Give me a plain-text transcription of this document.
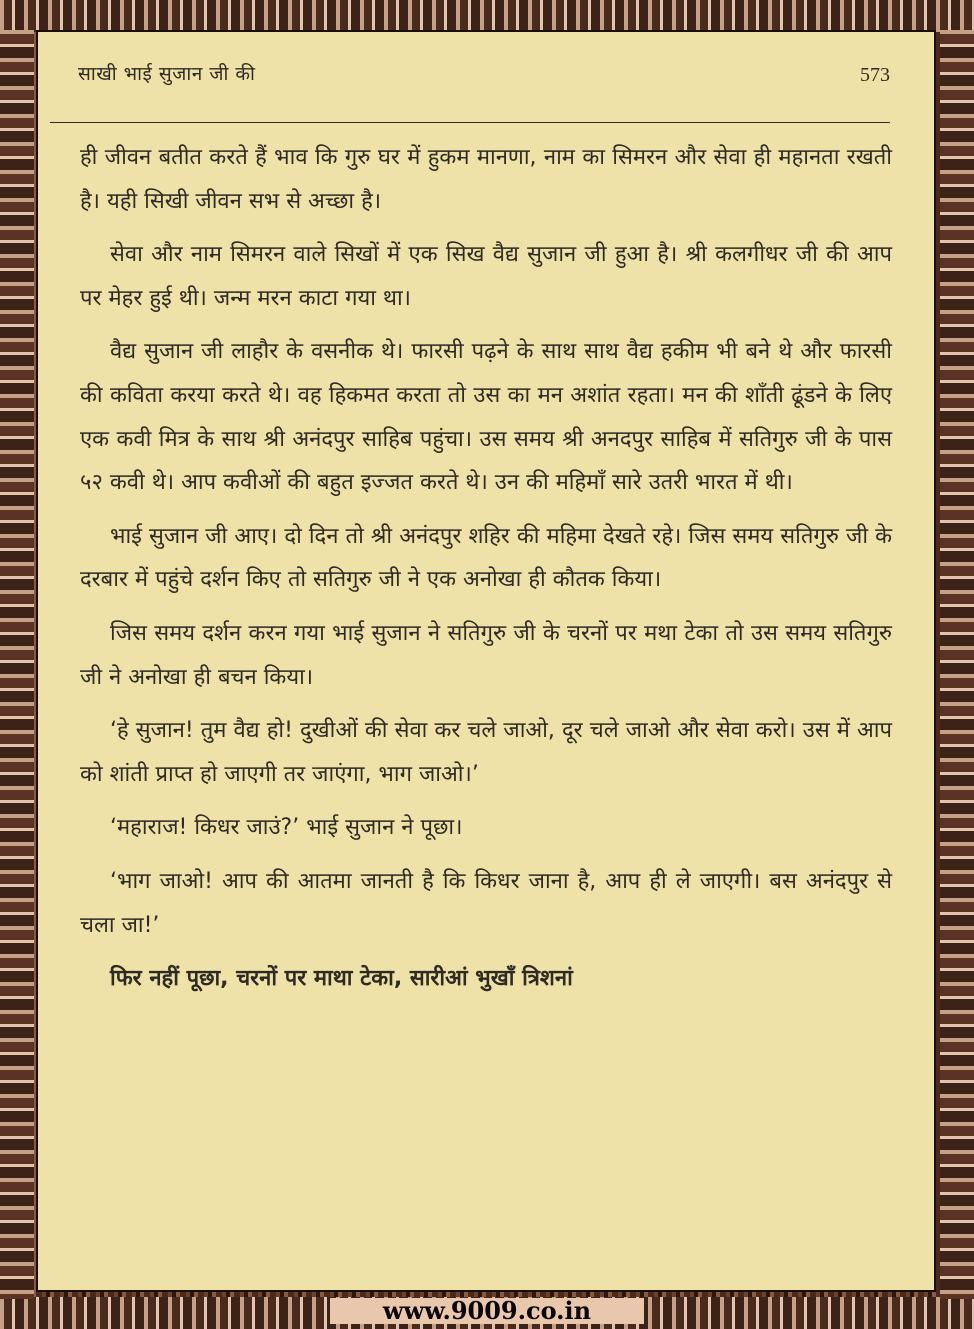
साखी भाई सुजान जी की	573

ही जीवन बतीत करते हैं भाव कि गुरु घर में हुकम मानणा, नाम का सिमरन और सेवा ही महानता रखती है। यही सिखी जीवन सभ से अच्छा है।

सेवा और नाम सिमरन वाले सिखों में एक सिख वैद्य सुजान जी हुआ है। श्री कलगीधर जी की आप पर मेहर हुई थी। जन्म मरन काटा गया था।

वैद्य सुजान जी लाहौर के वसनीक थे। फारसी पढ़ने के साथ साथ वैद्य हकीम भी बने थे और फारसी की कविता करया करते थे। वह हिकमत करता तो उस का मन अशांत रहता। मन की शाँती ढूंडने के लिए एक कवी मित्र के साथ श्री अनंदपुर साहिब पहुंचा। उस समय श्री अनदपुर साहिब में सतिगुरु जी के पास ५२ कवी थे। आप कवीओं की बहुत इज्जत करते थे। उन की महिमाँ सारे उतरी भारत में थी।

भाई सुजान जी आए। दो दिन तो श्री अनंदपुर शहिर की महिमा देखते रहे। जिस समय सतिगुरु जी के दरबार में पहुंचे दर्शन किए तो सतिगुरु जी ने एक अनोखा ही कौतक किया।

जिस समय दर्शन करन गया भाई सुजान ने सतिगुरु जी के चरनों पर मथा टेका तो उस समय सतिगुरु जी ने अनोखा ही बचन किया।

‘हे सुजान! तुम वैद्य हो! दुखीओं की सेवा कर चले जाओ, दूर चले जाओ और सेवा करो। उस में आप को शांती प्राप्त हो जाएगी तर जाएंगा, भाग जाओ।’

‘महाराज! किधर जाउं?’ भाई सुजान ने पूछा।

‘भाग जाओ! आप की आतमा जानती है कि किधर जाना है, आप ही ले जाएगी। बस अनंदपुर से चला जा!’

फिर नहीं पूछा, चरनों पर माथा टेका, सारीआं भुखाँ त्रिशनां

www.9009.co.in
